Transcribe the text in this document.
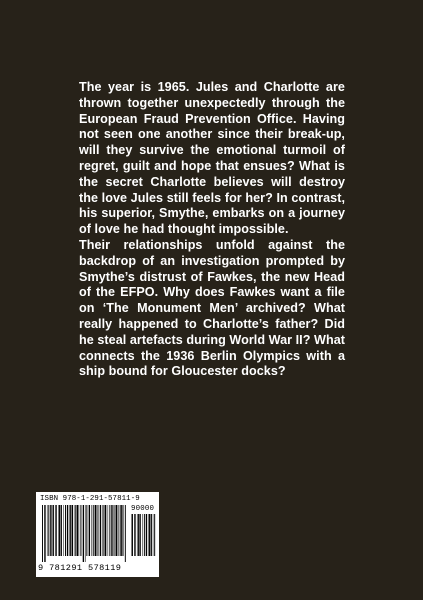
The year is 1965. Jules and Charlotte are thrown together unexpectedly through the European Fraud Prevention Office. Having not seen one another since their break-up, will they survive the emotional turmoil of regret, guilt and hope that ensues? What is the secret Charlotte believes will destroy the love Jules still feels for her? In contrast, his superior, Smythe, embarks on a journey of love he had thought impossible.

Their relationships unfold against the backdrop of an investigation prompted by Smythe’s distrust of Fawkes, the new Head of the EFPO. Why does Fawkes want a file on ‘The Monument Men’ archived? What really happened to Charlotte’s father? Did he steal artefacts during World War II? What connects the 1936 Berlin Olympics with a ship bound for Gloucester docks?

ISBN 978-1-291-57811-9
90000
9 781291 578119
